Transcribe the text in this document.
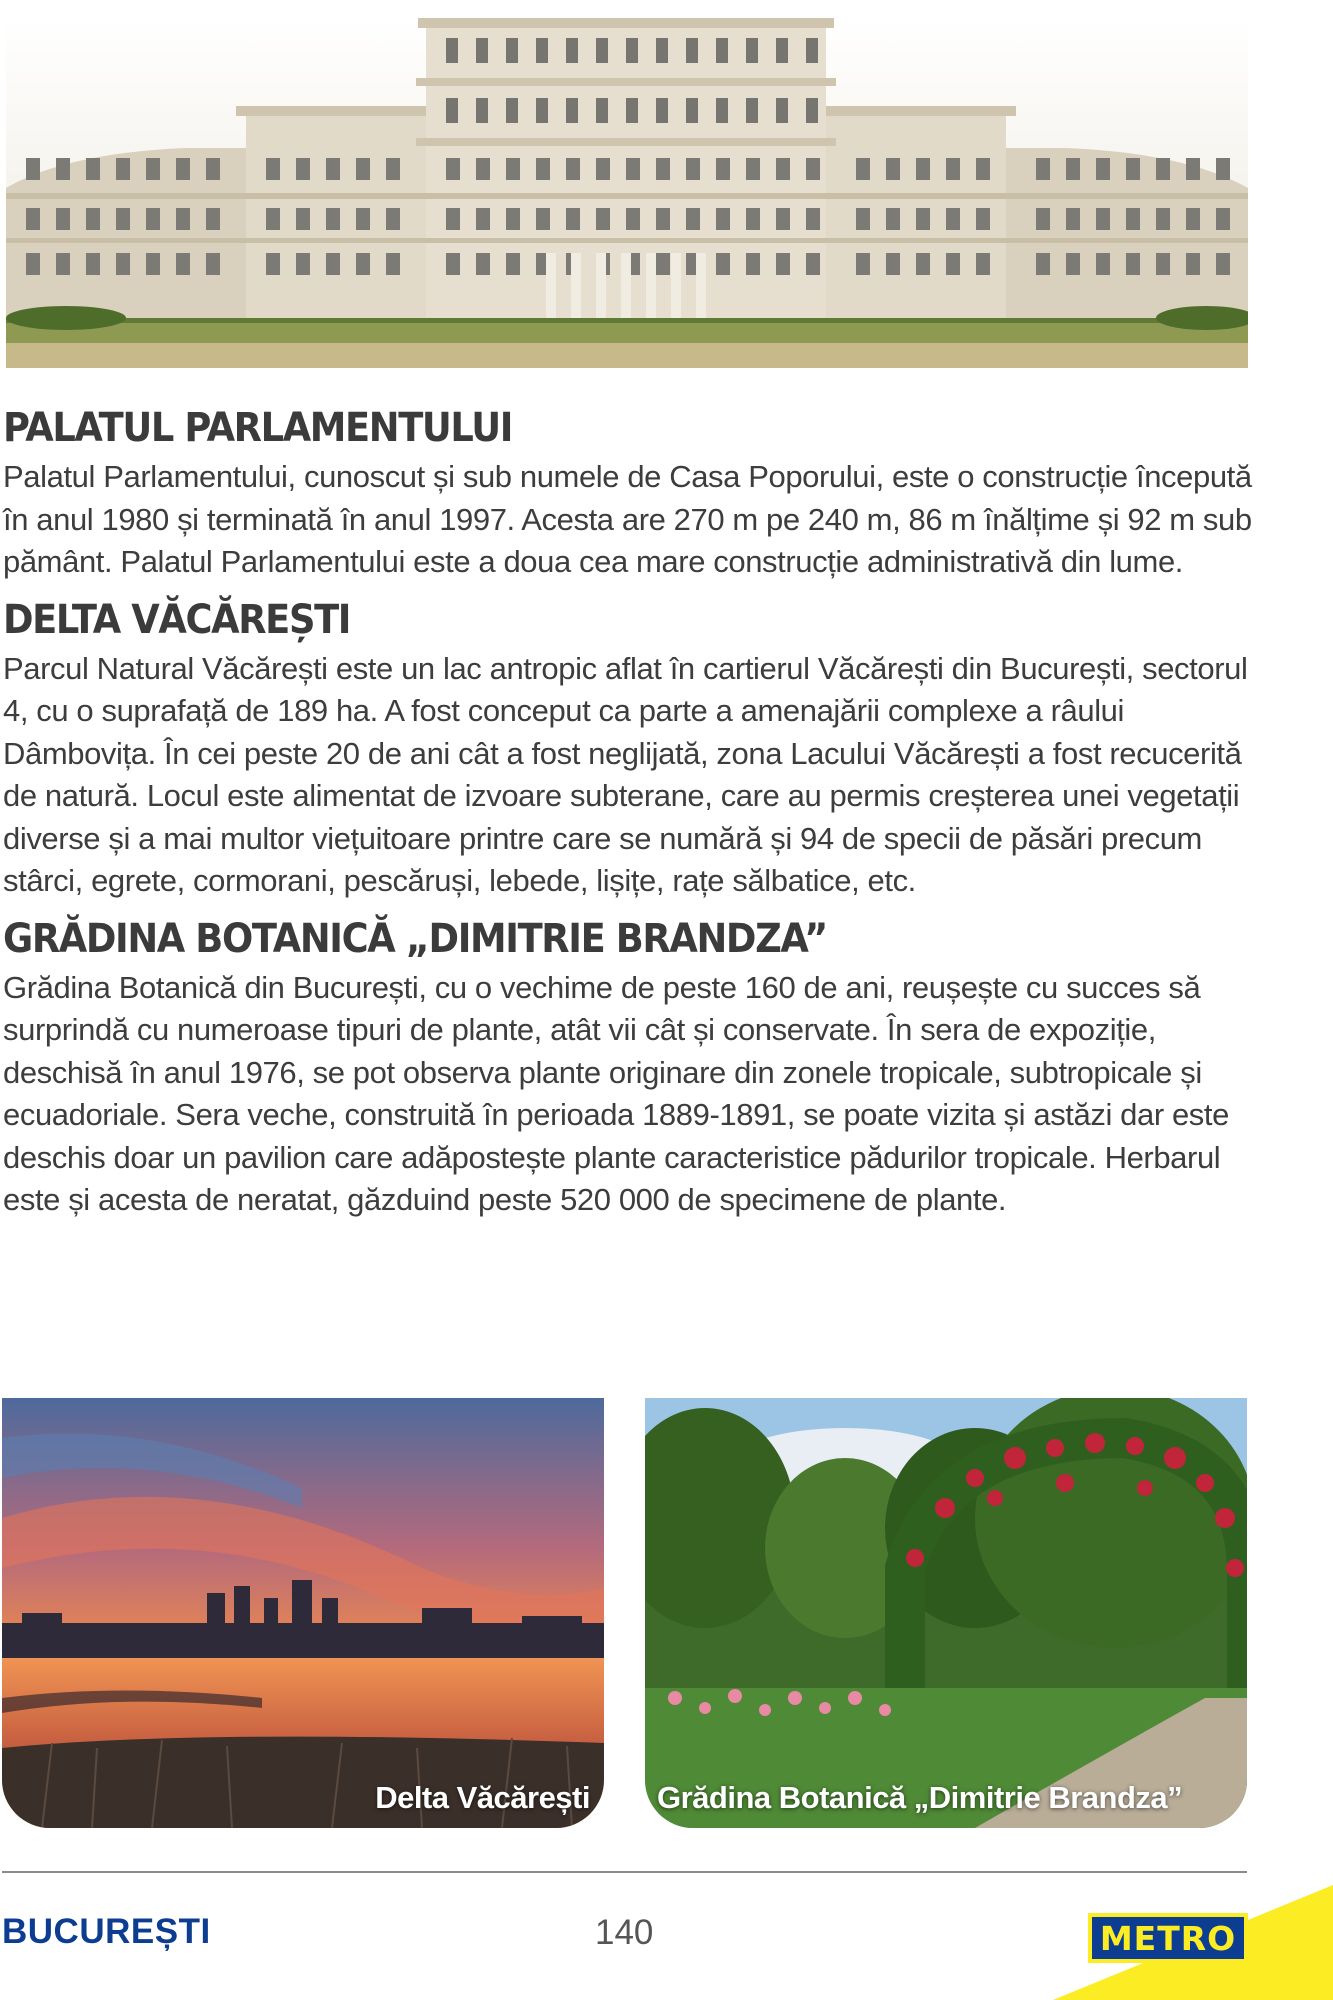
PALATUL PARLAMENTULUI

Palatul Parlamentului, cunoscut și sub numele de Casa Poporului, este o construcție începută în anul 1980 și terminată în anul 1997. Acesta are 270 m pe 240 m, 86 m înălțime și 92 m sub pământ. Palatul Parlamentului este a doua cea mare construcție administrativă din lume.

DELTA VĂCĂREȘTI

Parcul Natural Văcărești este un lac antropic aflat în cartierul Văcărești din București, sectorul 4, cu o suprafață de 189 ha. A fost conceput ca parte a amenajării complexe a râului Dâmbovița. În cei peste 20 de ani cât a fost neglijată, zona Lacului Văcărești a fost recucerită de natură. Locul este alimentat de izvoare subterane, care au permis creșterea unei vegetații diverse și a mai multor viețuitoare printre care se numără și 94 de specii de păsări precum stârci, egrete, cormorani, pescăruși, lebede, lișițe, rațe sălbatice, etc.

GRĂDINA BOTANICĂ „DIMITRIE BRANDZA”

Grădina Botanică din București, cu o vechime de peste 160 de ani, reușește cu succes să surprindă cu numeroase tipuri de plante, atât vii cât și conservate. În sera de expoziție, deschisă în anul 1976, se pot observa plante originare din zonele tropicale, subtropicale și ecuadoriale. Sera veche, construită în perioada 1889-1891, se poate vizita și astăzi dar este deschis doar un pavilion care adăpostește plante caracteristice pădurilor tropicale. Herbarul este și acesta de neratat, găzduind peste 520 000 de specimene de plante.

Delta Văcărești Grădina Botanică „Dimitrie Brandza”
BUCUREȘTI	140	METRO
